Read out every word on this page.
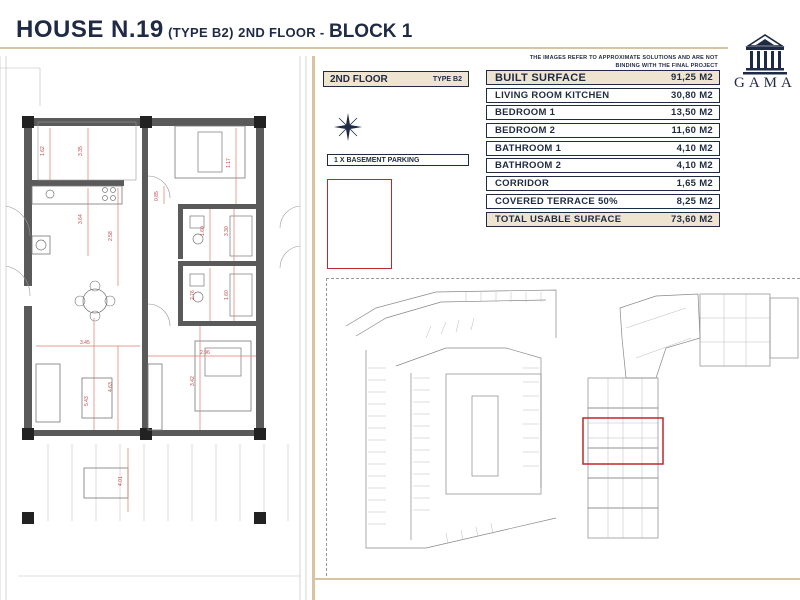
HOUSE N.19 (TYPE B2) 2ND FLOOR - BLOCK 1
THE IMAGES REFER TO APPROXIMATE SOLUTIONS AND ARE NOT
BINDING WITH THE FINAL PROJECT
GAMA
1.62	3.35
1.17
3.64
2.58
0.85
1.60
2.76	1.60
3.30
5.43
4.63
3.42
2.96
3.45
4.01
2ND FLOOR	TYPE B2
1 X BASEMENT PARKING
BUILT SURFACE	91,25 M2
LIVING ROOM KITCHEN	30,80 M2
BEDROOM 1	13,50 M2
BEDROOM 2	11,60 M2
BATHROOM 1	4,10 M2
BATHROOM 2	4,10 M2
CORRIDOR	1,65 M2
COVERED TERRACE 50%	8,25 M2
TOTAL USABLE SURFACE	73,60 M2
